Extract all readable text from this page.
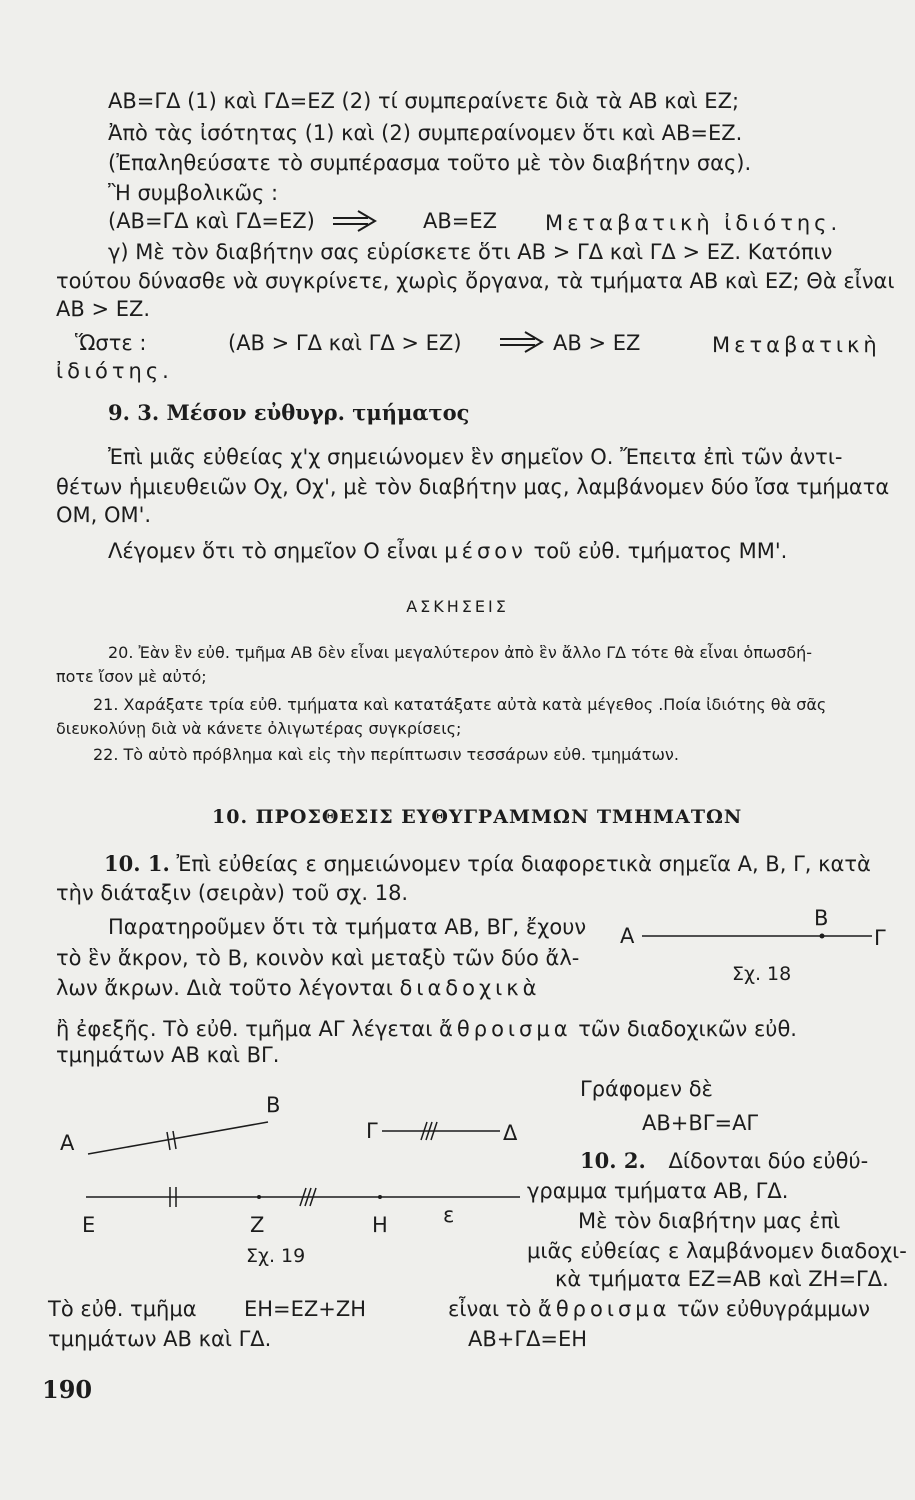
ΑΒ=ΓΔ (1) καὶ ΓΔ=ΕΖ (2) τί συμπεραίνετε διὰ τὰ ΑΒ καὶ ΕΖ;
Ἀπὸ τὰς ἰσότητας (1) καὶ (2) συμπεραίνομεν ὅτι καὶ ΑΒ=ΕΖ.
(Ἐπαληθεύσατε τὸ συμπέρασμα τοῦτο μὲ τὸν διαβήτην σας).
Ἢ συμβολικῶς :
(ΑΒ=ΓΔ καὶ ΓΔ=ΕΖ)	ΑΒ=ΕΖ Μεταβατικὴ ἰδιότης.
γ) Μὲ τὸν διαβήτην σας εὑρίσκετε ὅτι ΑΒ > ΓΔ καὶ ΓΔ > ΕΖ. Κατόπιν
τούτου δύνασθε νὰ συγκρίνετε, χωρὶς ὄργανα, τὰ τμήματα ΑΒ καὶ ΕΖ; Θὰ εἶναι
ΑΒ > ΕΖ.
Ὥστε :	(ΑΒ > ΓΔ καὶ ΓΔ > ΕΖ)	ΑΒ > ΕΖ	Μεταβατικὴ
ἰδιότης.
9. 3. Μέσον εὐθυγρ. τμήματος
Ἐπὶ μιᾶς εὐθείας χ'χ σημειώνομεν ἓν σημεῖον Ο. Ἔπειτα ἐπὶ τῶν ἀντι-
θέτων ἡμιευθειῶν Οχ, Οχ', μὲ τὸν διαβήτην μας, λαμβάνομεν δύο ἴσα τμήματα
ΟΜ, ΟΜ'.
Λέγομεν ὅτι τὸ σημεῖον Ο εἶναι μέσον τοῦ εὐθ. τμήματος ΜΜ'.
ΑΣΚΗΣΕΙΣ
20. Ἐὰν ἓν εὐθ. τμῆμα ΑΒ δὲν εἶναι μεγαλύτερον ἀπὸ ἓν ἄλλο ΓΔ τότε θὰ εἶναι ὁπωσδή-
ποτε ἴσον μὲ αὐτό;
21. Χαράξατε τρία εὐθ. τμήματα καὶ κατατάξατε αὐτὰ κατὰ μέγεθος .Ποία ἰδιότης θὰ σᾶς
διευκολύνῃ διὰ νὰ κάνετε ὀλιγωτέρας συγκρίσεις;
22. Τὸ αὐτὸ πρόβλημα καὶ εἰς τὴν περίπτωσιν τεσσάρων εὐθ. τμημάτων.
10. ΠΡΟΣΘΕΣΙΣ ΕΥΘΥΓΡΑΜΜΩΝ ΤΜΗΜΑΤΩΝ
10. 1. Ἐπὶ εὐθείας ε σημειώνομεν τρία διαφορετικὰ σημεῖα Α, Β, Γ, κατὰ
τὴν διάταξιν (σειρὰν) τοῦ σχ. 18.
Παρατηροῦμεν ὅτι τὰ τμήματα ΑΒ, ΒΓ, ἔχουν
τὸ ἓν ἄκρον, τὸ Β, κοινὸν καὶ μεταξὺ τῶν δύο ἄλ-
λων ἄκρων. Διὰ τοῦτο λέγονται διαδοχικὰ
ἢ ἐφεξῆς. Τὸ εὐθ. τμῆμα ΑΓ λέγεται ἄθροισμα τῶν διαδοχικῶν εὐθ.
τμημάτων ΑΒ καὶ ΒΓ.
Γράφομεν δὲ
ΑΒ+ΒΓ=ΑΓ
10. 2. Δίδονται δύο εὐθύ-
γραμμα τμήματα ΑΒ, ΓΔ.
Μὲ τὸν διαβήτην μας ἐπὶ
μιᾶς εὐθείας ε λαμβάνομεν διαδοχι-
κὰ τμήματα ΕΖ=ΑΒ καὶ ΖΗ=ΓΔ.
Τὸ εὐθ. τμῆμα ΕΗ=ΕΖ+ΖΗ	εἶναι τὸ ἄθροισμα τῶν εὐθυγράμμων
τμημάτων ΑΒ καὶ ΓΔ.	ΑΒ+ΓΔ=ΕΗ
Α
Β
Γ
Σχ. 18
Α
Β
Γ	Δ
Ε	Ζ	Η	ε
Σχ. 19
190
